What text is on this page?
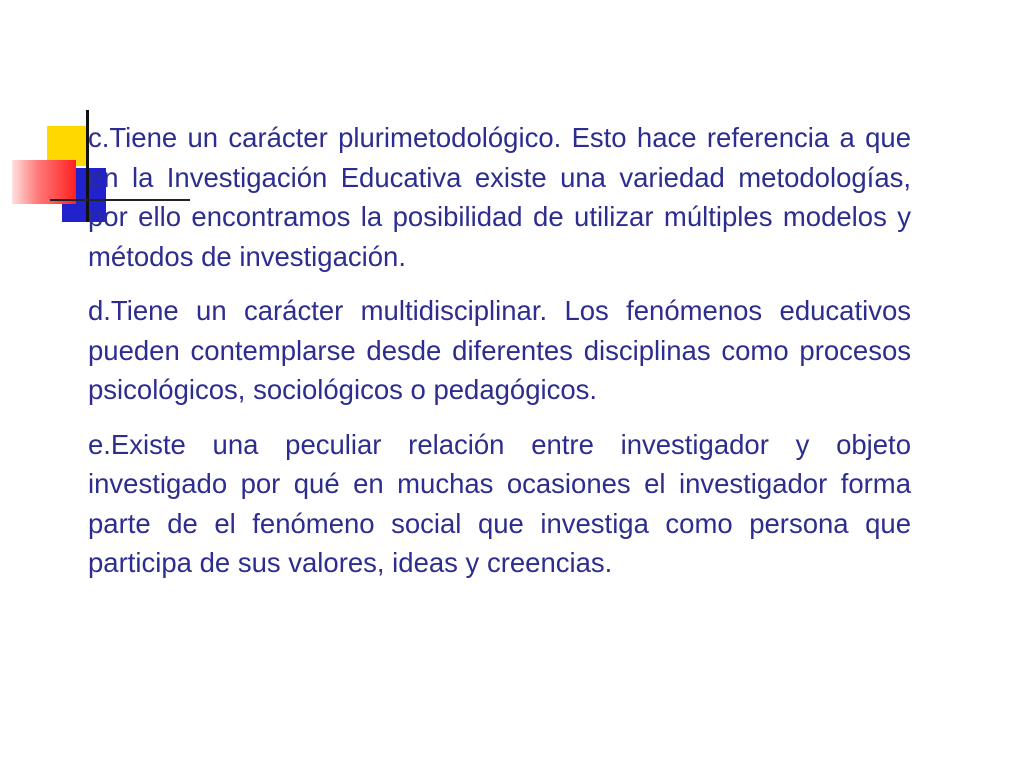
c.Tiene un carácter plurimetodológico. Esto hace referencia a que en la Investigación Educativa existe una variedad metodologías, por ello encontramos la posibilidad de utilizar múltiples modelos y métodos de investigación.

d.Tiene un carácter multidisciplinar. Los fenómenos educativos pueden contemplarse desde diferentes disciplinas como procesos psicológicos, sociológicos o pedagógicos.

e.Existe una peculiar relación entre investigador y objeto investigado por qué en muchas ocasiones el investigador forma parte de el fenómeno social que investiga como persona que participa de sus valores, ideas y creencias.
